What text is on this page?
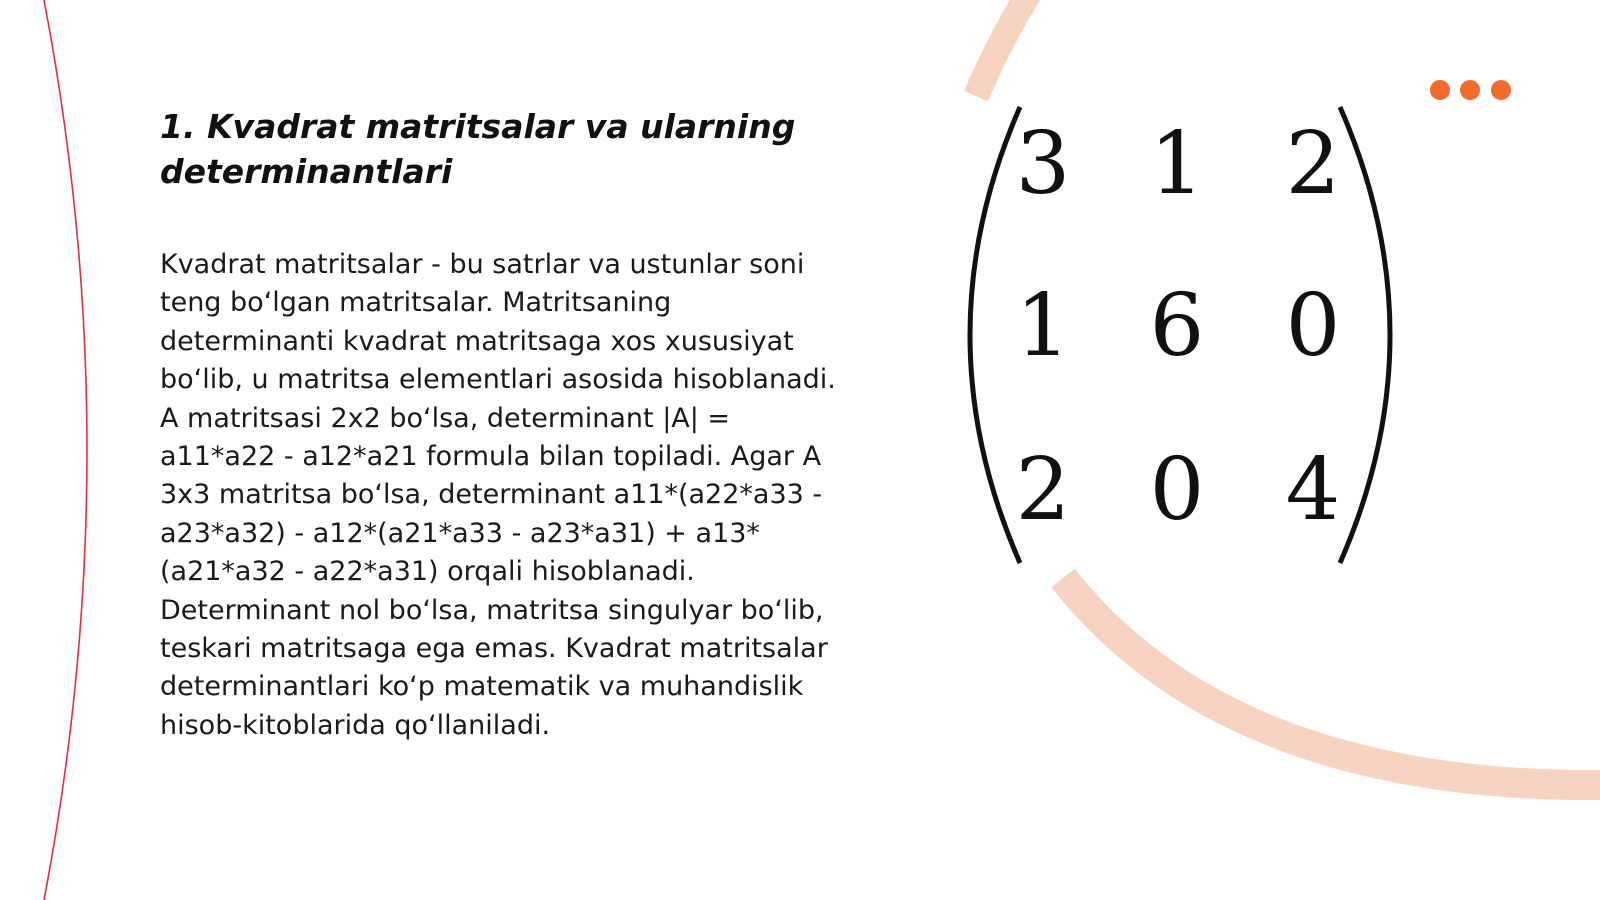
1. Kvadrat matritsalar va ularning determinantlari

Kvadrat matritsalar - bu satrlar va ustunlar soni teng bo‘lgan matritsalar. Matritsaning determinanti kvadrat matritsaga xos xususiyat bo‘lib, u matritsa elementlari asosida hisoblanadi. A matritsasi 2x2 bo‘lsa, determinant |A| = a11*a22 - a12*a21 formula bilan topiladi. Agar A 3x3 matritsa bo‘lsa, determinant a11*(a22*a33 - a23*a32) - a12*(a21*a33 - a23*a31) + a13*(a21*a32 - a22*a31) orqali hisoblanadi. Determinant nol bo‘lsa, matritsa singulyar bo‘lib, teskari matritsaga ega emas. Kvadrat matritsalar determinantlari ko‘p matematik va muhandislik hisob-kitoblarida qo‘llaniladi.

3 1 2
1 6 0
2 0 4
